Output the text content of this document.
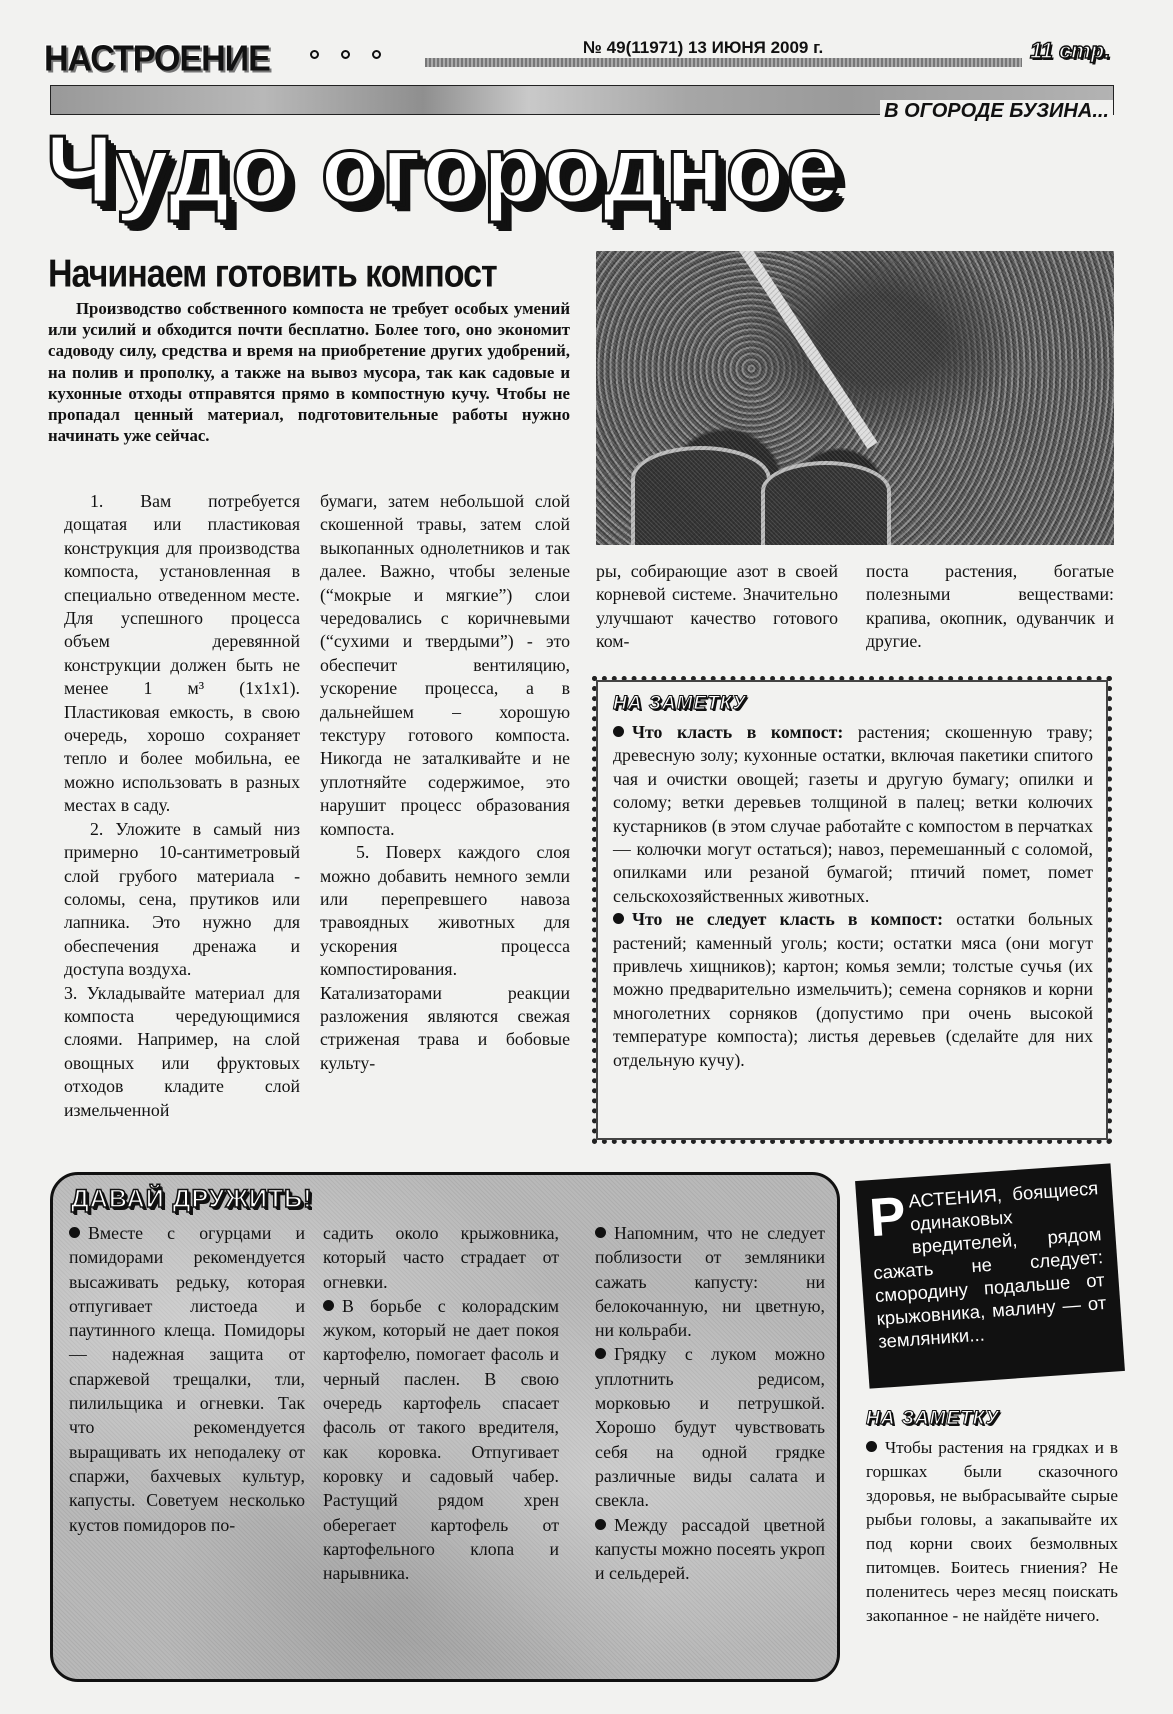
НАСТРОЕНИЕ	№ 49(11971) 13 ИЮНЯ 2009 г.	11 стр.
В ОГОРОДЕ БУЗИНА...
Чудо огородное
Начинаем готовить компост

Производство собственного компоста не требует особых умений или усилий и обходится почти бесплатно. Более того, оно экономит садоводу силу, средства и время на приобретение других удобрений, на полив и прополку, а также на вывоз мусора, так как садовые и кухонные отходы отправятся прямо в компостную кучу. Чтобы не пропадал ценный материал, подготовительные работы нужно начинать уже сейчас.

1. Вам потребуется дощатая или пластиковая конструкция для производства компоста, установленная в специально отведенном месте. Для успешного процесса объем деревянной конструкции должен быть не менее 1 м³ (1x1x1). Пластиковая емкость, в свою очередь, хорошо сохраняет тепло и более мобильна, ее можно использовать в разных местах в саду.

2. Уложите в самый низ примерно 10-сантиметровый слой грубого материала - соломы, сена, прутиков или лапника. Это нужно для обеспечения дренажа и доступа воздуха.

3. Укладывайте материал для компоста чередующимися слоями. Например, на слой овощных или фруктовых отходов кладите слой измельченной

бумаги, затем небольшой слой скошенной травы, затем слой выкопанных однолетников и так далее. Важно, чтобы зеленые (“мокрые и мягкие”) слои чередовались с коричневыми (“сухими и твердыми”) - это обеспечит вентиляцию, ускорение процесса, а в дальнейшем – хорошую текстуру готового компоста. Никогда не заталкивайте и не уплотняйте содержимое, это нарушит процесс образования компоста.

5. Поверх каждого слоя можно добавить немного земли или перепревшего навоза травоядных животных для ускорения процесса компостирования. Катализаторами реакции разложения являются свежая стриженая трава и бобовые культу-

ры, собирающие азот в своей корневой системе. Значительно улучшают качество готового ком-

поста растения, богатые полезными веществами: крапива, окопник, одуванчик и другие.

НА ЗАМЕТКУ

Что класть в компост: растения; скошенную траву; древесную золу; кухонные остатки, включая пакетики спитого чая и очистки овощей; газеты и другую бумагу; опилки и солому; ветки деревьев толщиной в палец; ветки колючих кустарников (в этом случае работайте с компостом в перчатках — колючки могут остаться); навоз, перемешанный с соломой, опилками или резаной бумагой; птичий помет, помет сельскохозяйственных животных.

Что не следует класть в компост: остатки больных растений; каменный уголь; кости; остатки мяса (они могут привлечь хищников); картон; комья земли; толстые сучья (их можно предварительно измельчить); семена сорняков и корни многолетних сорняков (допустимо при очень высокой температуре компоста); листья деревьев (сделайте для них отдельную кучу).

ДАВАЙ ДРУЖИТЬ!

Вместе с огурцами и помидорами рекомендуется высаживать редьку, которая отпугивает листоеда и паутинного клеща. Помидоры — надежная защита от спаржевой трещалки, тли, пилильщика и огневки. Так что рекомендуется выращивать их неподалеку от спаржи, бахчевых культур, капусты. Советуем несколько кустов помидоров по-

садить около крыжовника, который часто страдает от огневки.

В борьбе с колорадским жуком, который не дает покоя картофелю, помогает фасоль и черный паслен. В свою очередь картофель спасает фасоль от такого вредителя, как коровка. Отпугивает коровку и садовый чабер. Растущий рядом хрен оберегает картофель от картофельного клопа и нарывника.

Напомним, что не следует поблизости от земляники сажать капусту: ни белокочанную, ни цветную, ни кольраби.

Грядку с луком можно уплотнить редисом, морковью и петрушкой. Хорошо будут чувствовать себя на одной грядке различные виды салата и свекла.

Между рассадой цветной капусты можно посеять укроп и сельдерей.

Р АСТЕНИЯ, боящиеся одинаковых вредителей, рядом сажать не следует: смородину подальше от крыжовника, малину — от земляники...
НА ЗАМЕТКУ

Чтобы растения на грядках и в горшках были сказочного здоровья, не выбрасывайте сырые рыбьи головы, а закапывайте их под корни своих безмолвных питомцев. Боитесь гниения? Не поленитесь через месяц поискать закопанное - не найдёте ничего.
